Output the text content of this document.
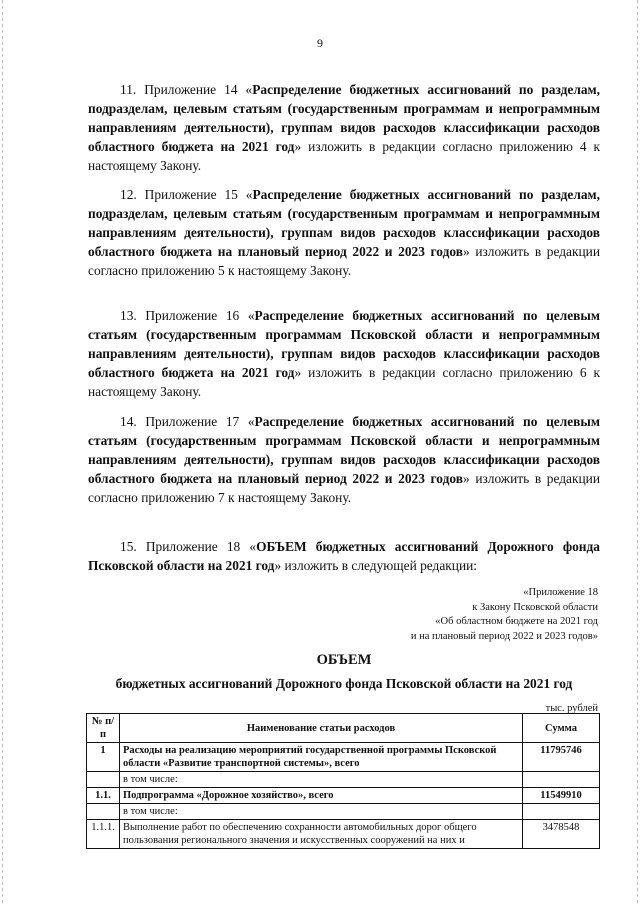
9

11. Приложение 14 «Распределение бюджетных ассигнований по разделам, подразделам, целевым статьям (государственным программам и непрограммным направлениям деятельности), группам видов расходов классификации расходов областного бюджета на 2021 год» изложить в редакции согласно приложению 4 к настоящему Закону.

12. Приложение 15 «Распределение бюджетных ассигнований по разделам, подразделам, целевым статьям (государственным программам и непрограммным направлениям деятельности), группам видов расходов классификации расходов областного бюджета на плановый период 2022 и 2023 годов» изложить в редакции согласно приложению 5 к настоящему Закону.

13. Приложение 16 «Распределение бюджетных ассигнований по целевым статьям (государственным программам Псковской области и непрограммным направлениям деятельности), группам видов расходов классификации расходов областного бюджета на 2021 год» изложить в редакции согласно приложению 6 к настоящему Закону.

14. Приложение 17 «Распределение бюджетных ассигнований по целевым статьям (государственным программам Псковской области и непрограммным направлениям деятельности), группам видов расходов классификации расходов областного бюджета на плановый период 2022 и 2023 годов» изложить в редакции согласно приложению 7 к настоящему Закону.

15. Приложение 18 «ОБЪЕМ бюджетных ассигнований Дорожного фонда Псковской области на 2021 год» изложить в следующей редакции:

«Приложение 18
к Закону Псковской области
«Об областном бюджете на 2021 год
и на плановый период 2022 и 2023 годов»
ОБЪЕМ
бюджетных ассигнований Дорожного фонда Псковской области на 2021 год
тыс. рублей
№ п/п	Наименование статьи расходов	Сумма
1	Расходы на реализацию мероприятий государственной программы Псковской области «Развитие транспортной системы», всего	11795746
	в том числе:	
1.1.	Подпрограмма «Дорожное хозяйство», всего	11549910
	в том числе:	
1.1.1.	Выполнение работ по обеспечению сохранности автомобильных дорог общего пользования регионального значения и искусственных сооружений на них и	3478548
